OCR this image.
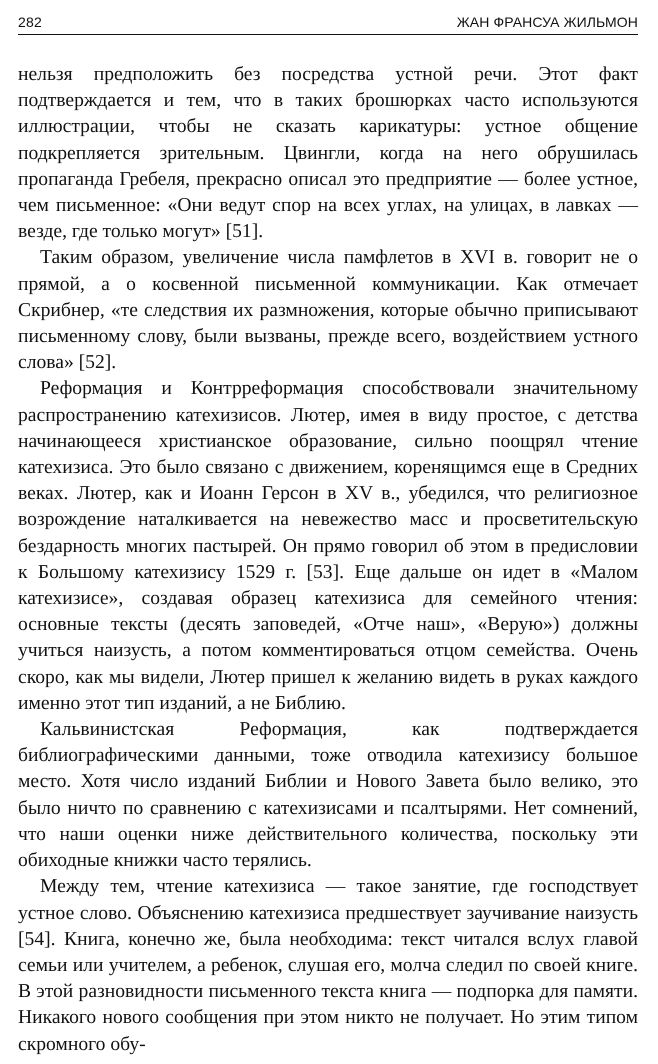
282	ЖАН ФРАНСУА ЖИЛЬМОН

нельзя предположить без посредства устной речи. Этот факт подтверждается и тем, что в таких брошюрках часто используются иллюстрации, чтобы не сказать карикатуры: устное общение подкрепляется зрительным. Цвингли, когда на него обрушилась пропаганда Гребеля, прекрасно описал это предприятие — более устное, чем письменное: «Они ведут спор на всех углах, на улицах, в лавках — везде, где только могут» [51].

Таким образом, увеличение числа памфлетов в XVI в. говорит не о прямой, а о косвенной письменной коммуникации. Как отмечает Скрибнер, «те следствия их размножения, которые обычно приписывают письменному слову, были вызваны, прежде всего, воздействием устного слова» [52].

Реформация и Контрреформация способствовали значительному распространению катехизисов. Лютер, имея в виду простое, с детства начинающееся христианское образование, сильно поощрял чтение катехизиса. Это было связано с движением, коренящимся еще в Средних веках. Лютер, как и Иоанн Герсон в XV в., убедился, что религиозное возрождение наталкивается на невежество масс и просветительскую бездарность многих пастырей. Он прямо говорил об этом в предисловии к Большому катехизису 1529 г. [53]. Еще дальше он идет в «Малом катехизисе», создавая образец катехизиса для семейного чтения: основные тексты (десять заповедей, «Отче наш», «Верую») должны учиться наизусть, а потом комментироваться отцом семейства. Очень скоро, как мы видели, Лютер пришел к желанию видеть в руках каждого именно этот тип изданий, а не Библию.

Кальвинистская Реформация, как подтверждается библиографическими данными, тоже отводила катехизису большое место. Хотя число изданий Библии и Нового Завета было велико, это было ничто по сравнению с катехизисами и псалтырями. Нет сомнений, что наши оценки ниже действительного количества, поскольку эти обиходные книжки часто терялись.

Между тем, чтение катехизиса — такое занятие, где господствует устное слово. Объяснению катехизиса предшествует заучивание наизусть [54]. Книга, конечно же, была необходима: текст читался вслух главой семьи или учителем, а ребенок, слушая его, молча следил по своей книге. В этой разновидности письменного текста книга — подпорка для памяти. Никакого нового сообщения при этом никто не получает. Но этим типом скромного обу-
